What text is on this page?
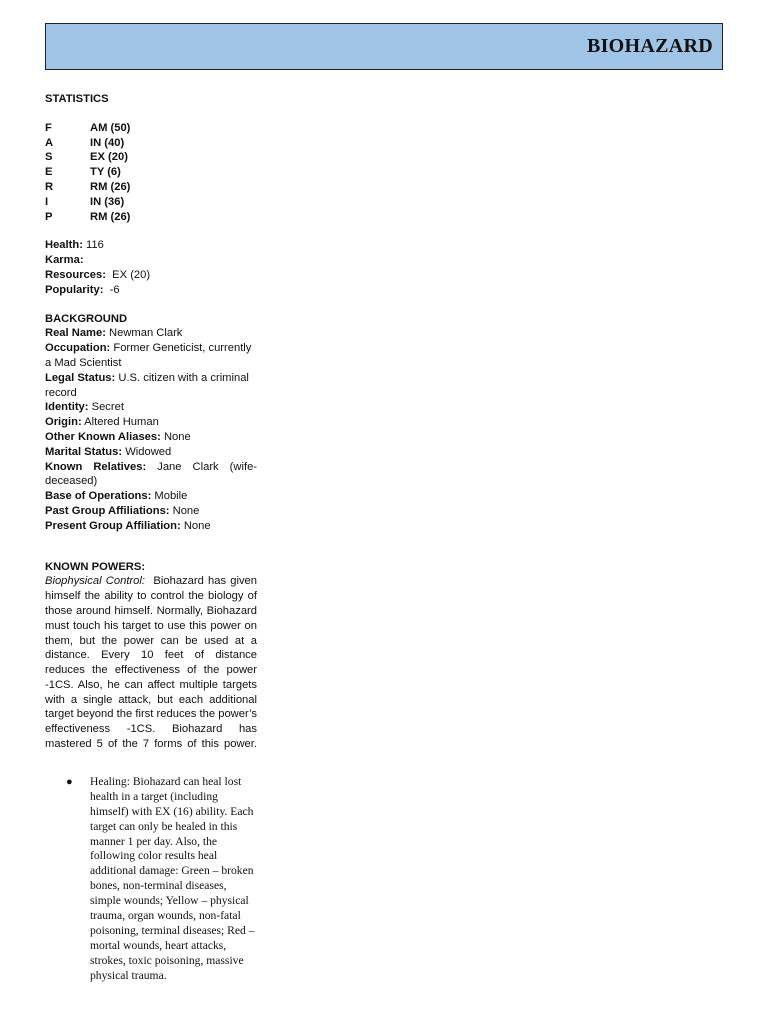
BIOHAZARD
STATISTICS
F	AM (50)
A	IN (40)
S	EX (20)
E	TY (6)
R	RM (26)
I	IN (36)
P	RM (26)
Health: 116
Karma:
Resources: EX (20)
Popularity: -6
BACKGROUND
Real Name: Newman Clark
Occupation: Former Geneticist, currently a Mad Scientist
Legal Status: U.S. citizen with a criminal record
Identity: Secret
Origin: Altered Human
Other Known Aliases: None
Marital Status: Widowed
Known Relatives: Jane Clark (wife-deceased)
Base of Operations: Mobile
Past Group Affiliations: None
Present Group Affiliation: None
KNOWN POWERS:
Biophysical Control: Biohazard has given himself the ability to control the biology of those around himself. Normally, Biohazard must touch his target to use this power on them, but the power can be used at a distance. Every 10 feet of distance reduces the effectiveness of the power -1CS. Also, he can affect multiple targets with a single attack, but each additional target beyond the first reduces the power’s effectiveness -1CS. Biohazard has mastered 5 of the 7 forms of this power.
● Healing: Biohazard can heal lost health in a target (including himself) with EX (16) ability. Each target can only be healed in this manner 1 per day. Also, the following color results heal additional damage: Green – broken bones, non-terminal diseases, simple wounds; Yellow – physical trauma, organ wounds, non-fatal poisoning, terminal diseases; Red – mortal wounds, heart attacks, strokes, toxic poisoning, massive physical trauma.
